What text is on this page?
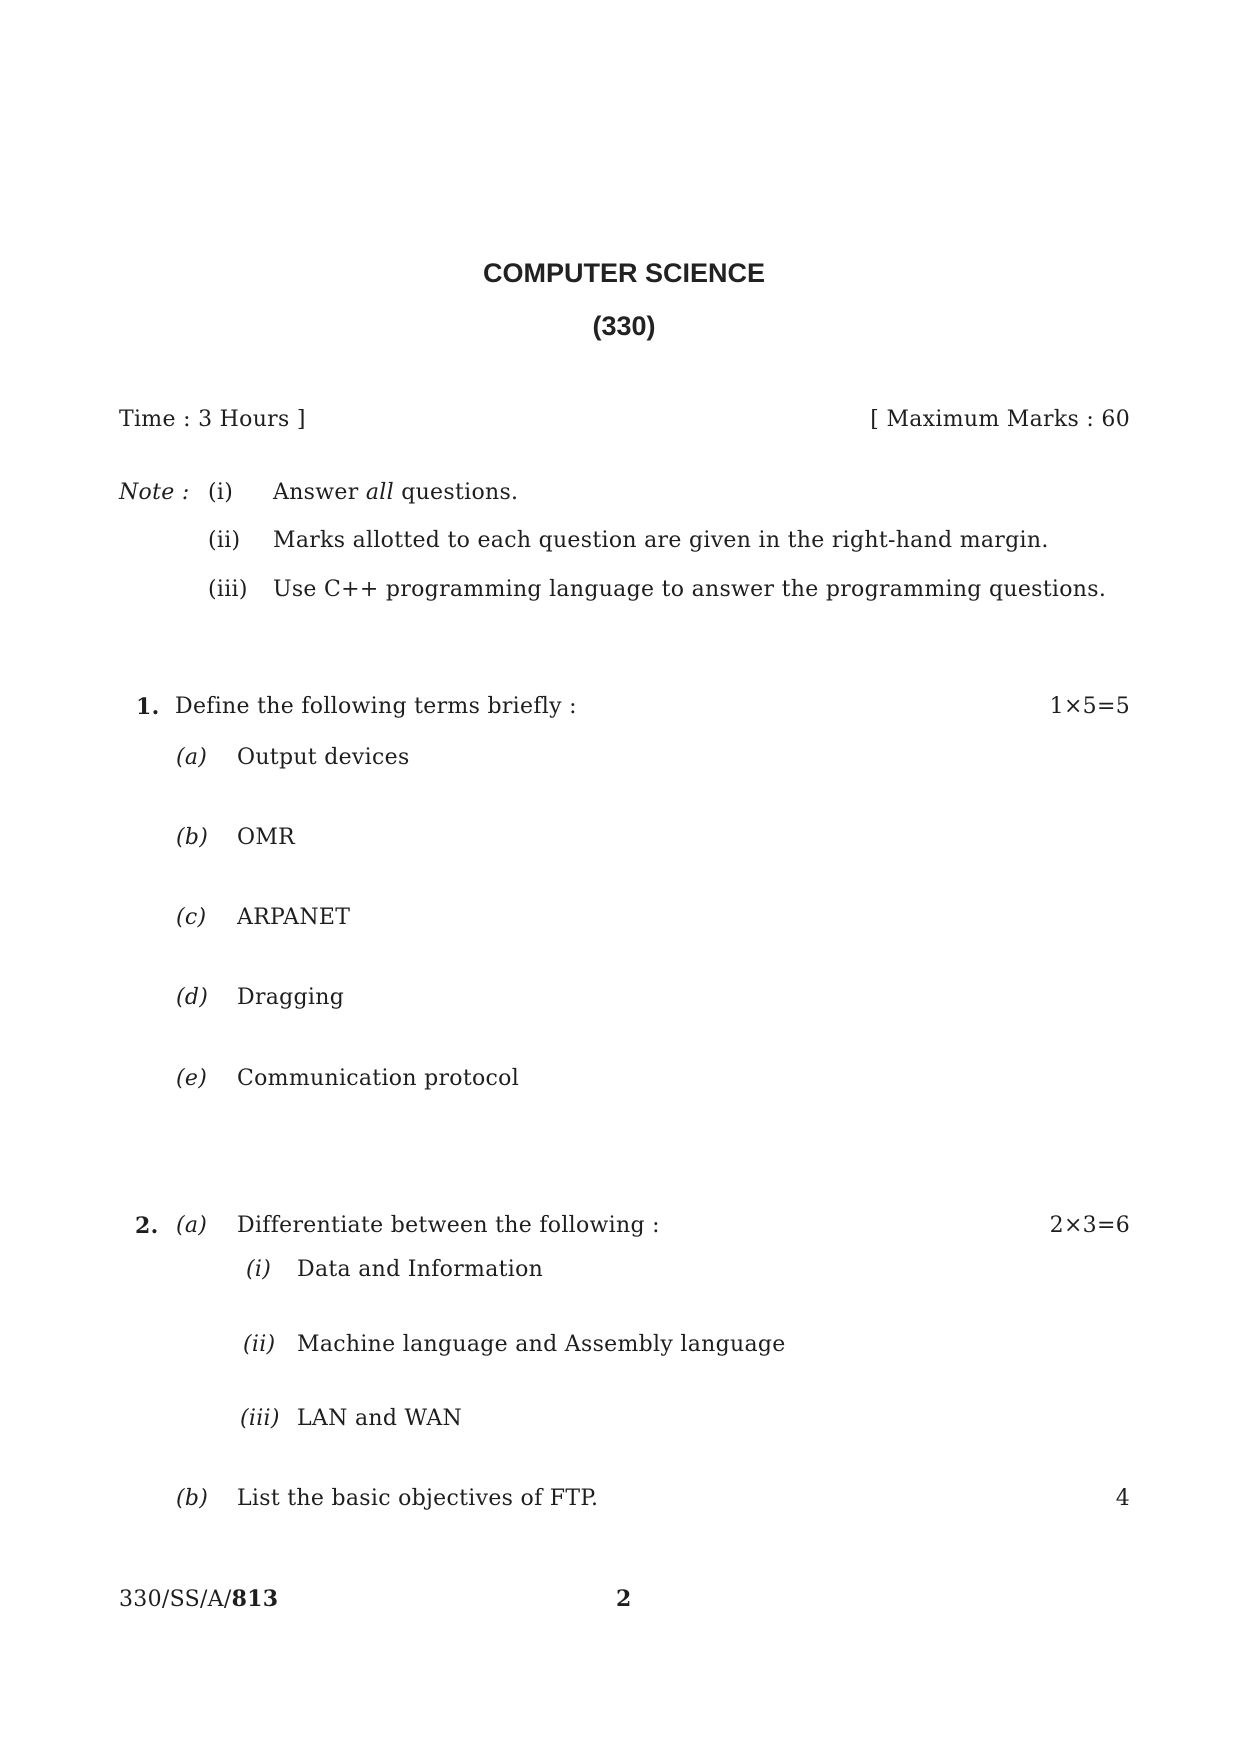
COMPUTER SCIENCE
(330)
Time : 3 Hours ]	[ Maximum Marks : 60
Note : (i) Answer all questions.
(ii) Marks allotted to each question are given in the right-hand margin.
(iii) Use C++ programming language to answer the programming questions.
1. Define the following terms briefly :	1×5=5
(a) Output devices
(b) OMR
(c) ARPANET
(d) Dragging
(e) Communication protocol
2. (a) Differentiate between the following :	2×3=6
(i) Data and Information
(ii) Machine language and Assembly language
(iii) LAN and WAN
(b) List the basic objectives of FTP.	4
330/SS/A/813	2
